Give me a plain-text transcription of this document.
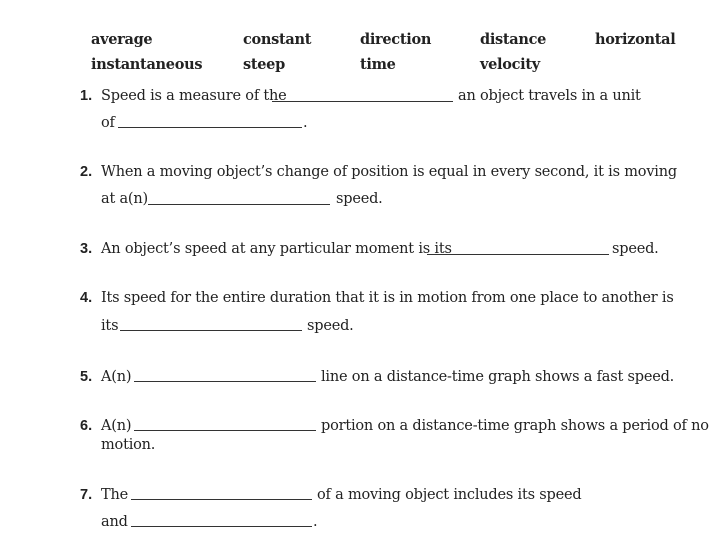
average	constant	direction	distance	horizontal
instantaneous	steep	time	velocity
1. Speed is a measure of the	an object travels in a unit
of	.
2. When a moving object’s change of position is equal in every second, it is moving
at a(n)	speed.
3. An object’s speed at any particular moment is its	speed.
4. Its speed for the entire duration that it is in motion from one place to another is
its	speed.
5. A(n)	line on a distance-time graph shows a fast speed.
6. A(n)	portion on a distance-time graph shows a period of no
motion.
7. The	of a moving object includes its speed
and	.
